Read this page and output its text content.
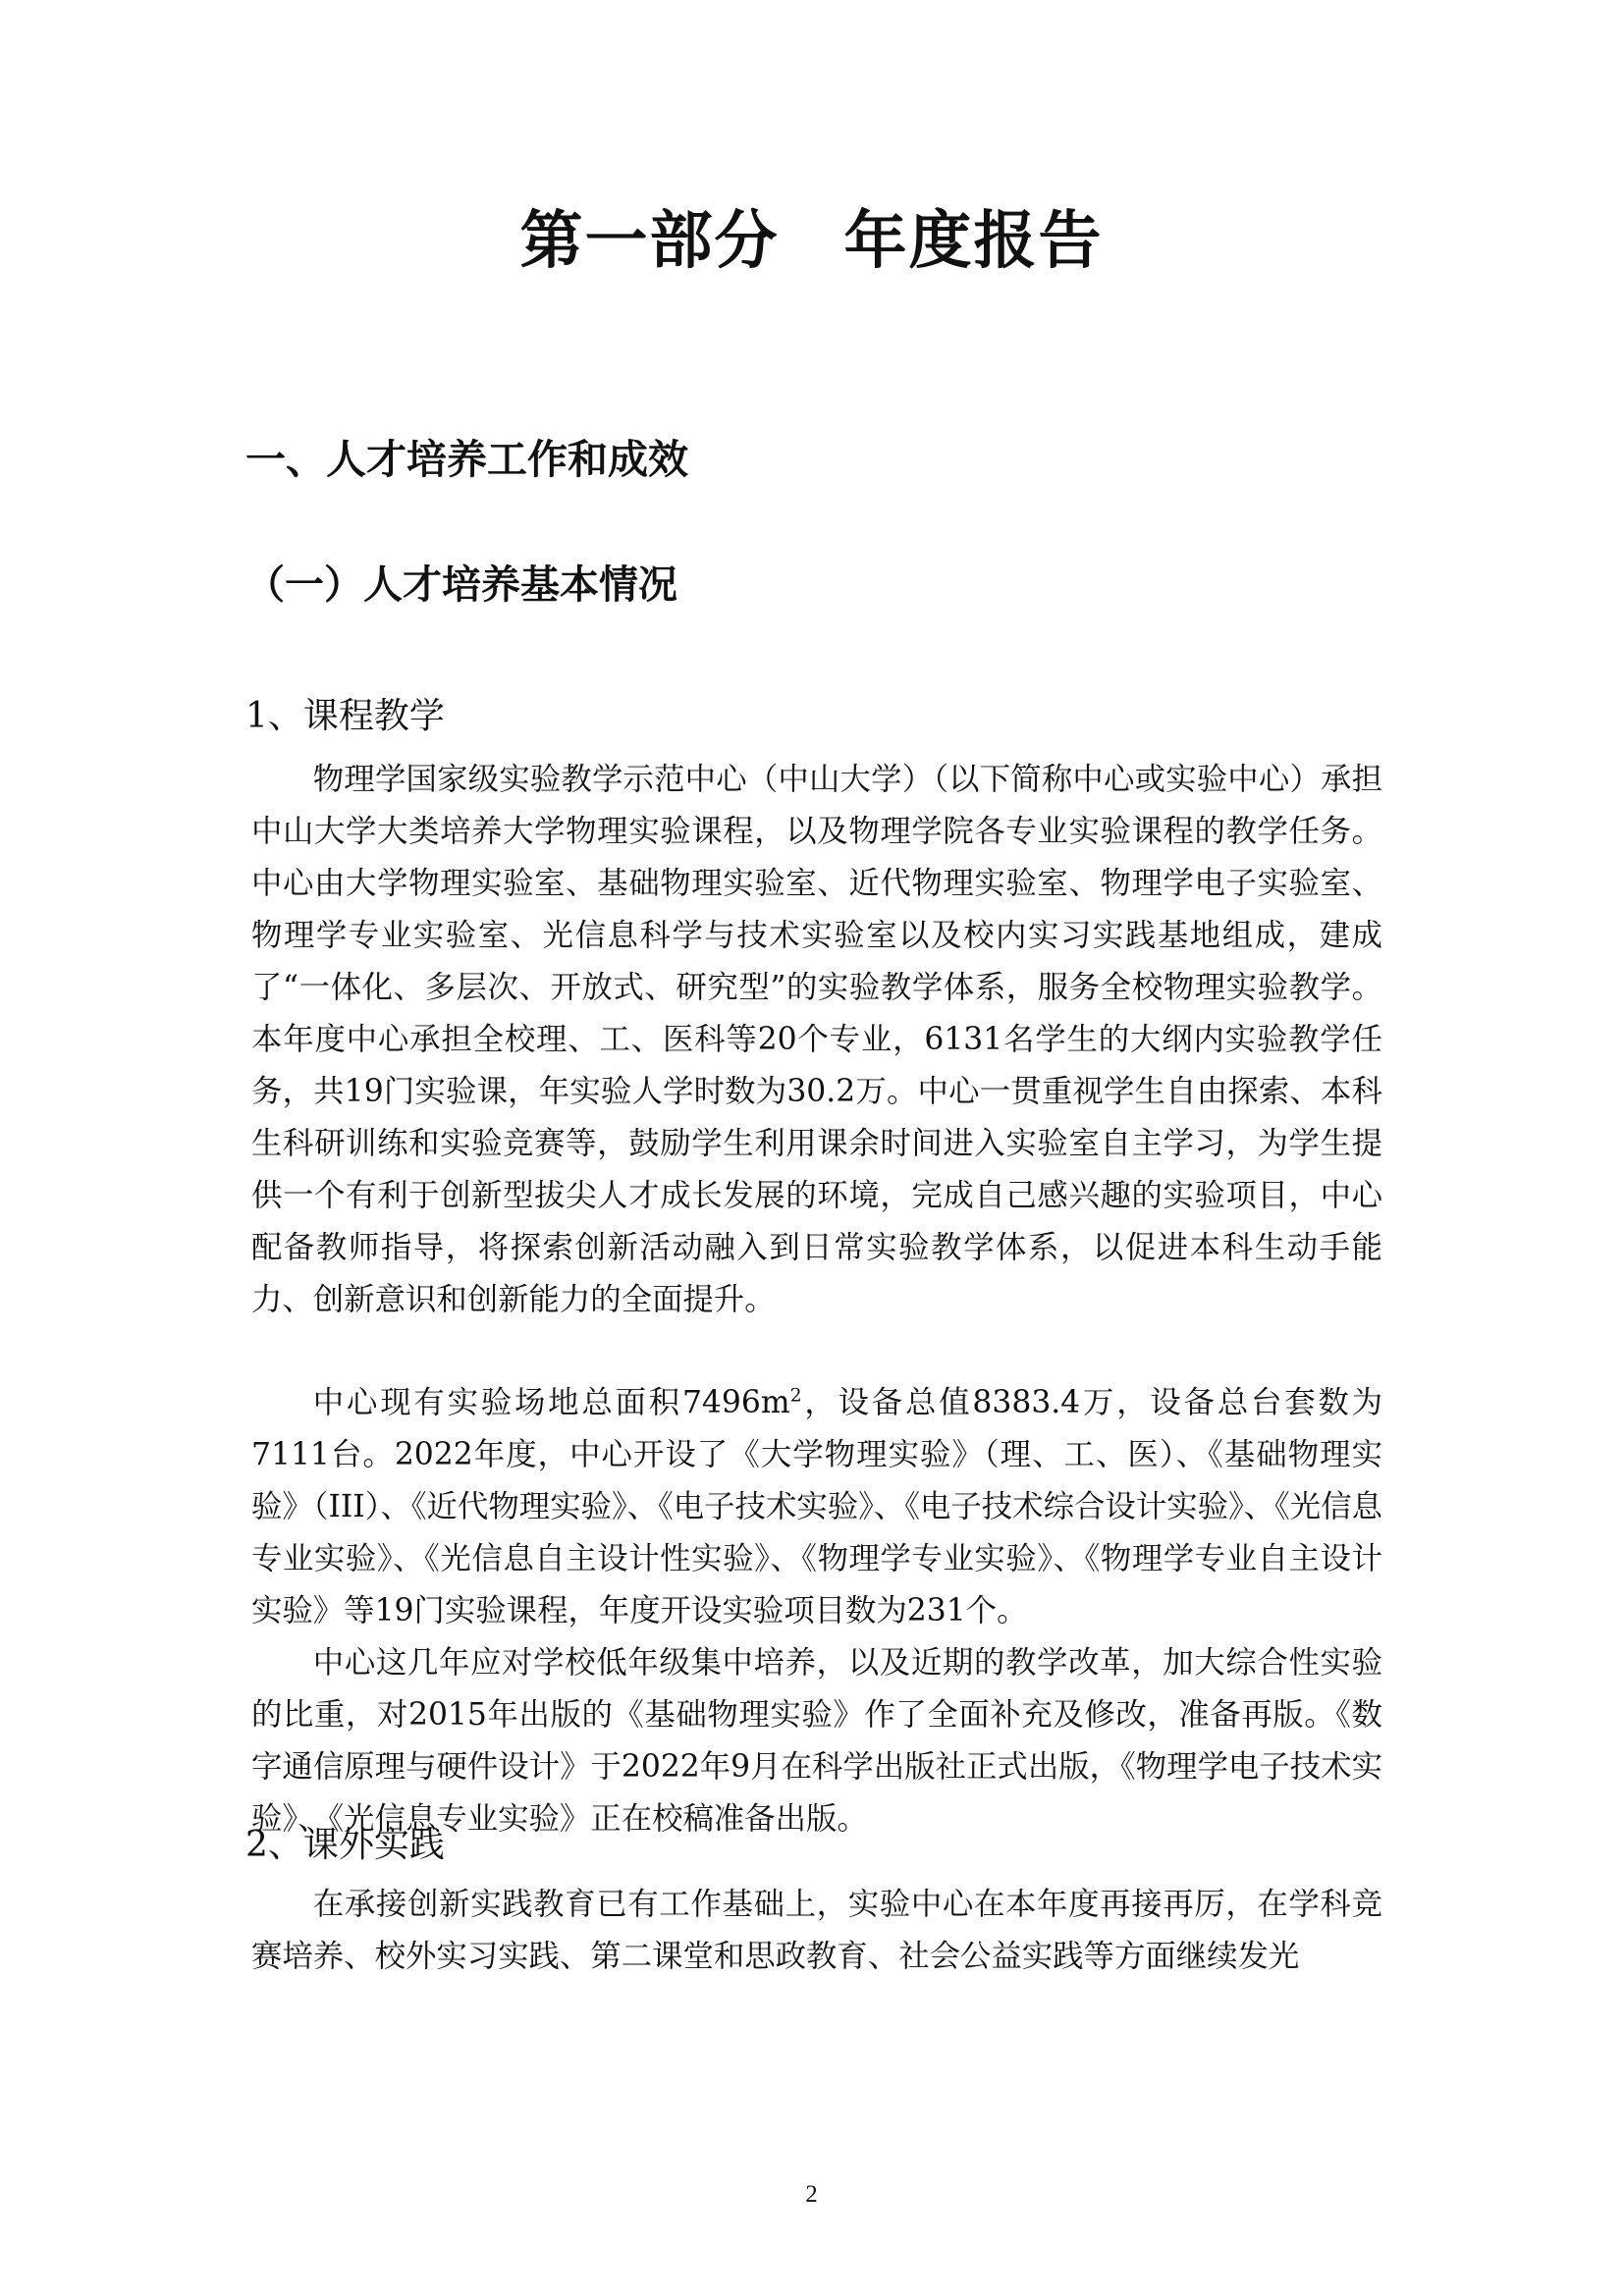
第一部分　年度报告
一、人才培养工作和成效
（一）人才培养基本情况
1、课程教学

物理学国家级实验教学示范中心（中山大学）（以下简称中心或实验中心）承担中山大学大类培养大学物理实验课程，以及物理学院各专业实验课程的教学任务。中心由大学物理实验室、基础物理实验室、近代物理实验室、物理学电子实验室、物理学专业实验室、光信息科学与技术实验室以及校内实习实践基地组成，建成了“一体化、多层次、开放式、研究型”的实验教学体系，服务全校物理实验教学。本年度中心承担全校理、工、医科等20个专业，6131名学生的大纲内实验教学任务，共19门实验课，年实验人学时数为30.2万。中心一贯重视学生自由探索、本科生科研训练和实验竞赛等，鼓励学生利用课余时间进入实验室自主学习，为学生提供一个有利于创新型拔尖人才成长发展的环境，完成自己感兴趣的实验项目，中心配备教师指导，将探索创新活动融入到日常实验教学体系，以促进本科生动手能力、创新意识和创新能力的全面提升。

中心现有实验场地总面积$7496m^2$，设备总值8383.4万，设备总台套数为7111台。2022年度，中心开设了《大学物理实验》（理、工、医）、《基础物理实验》（III）、《近代物理实验》、《电子技术实验》、《电子技术综合设计实验》、《光信息专业实验》、《光信息自主设计性实验》、《物理学专业实验》、《物理学专业自主设计实验》等19门实验课程，年度开设实验项目数为231个。

中心这几年应对学校低年级集中培养，以及近期的教学改革，加大综合性实验的比重，对2015年出版的《基础物理实验》作了全面补充及修改，准备再版。《数字通信原理与硬件设计》于2022年9月在科学出版社正式出版，《物理学电子技术实验》、《光信息专业实验》正在校稿准备出版。

2、课外实践

在承接创新实践教育已有工作基础上，实验中心在本年度再接再厉，在学科竞赛培养、校外实习实践、第二课堂和思政教育、社会公益实践等方面继续发光

2
